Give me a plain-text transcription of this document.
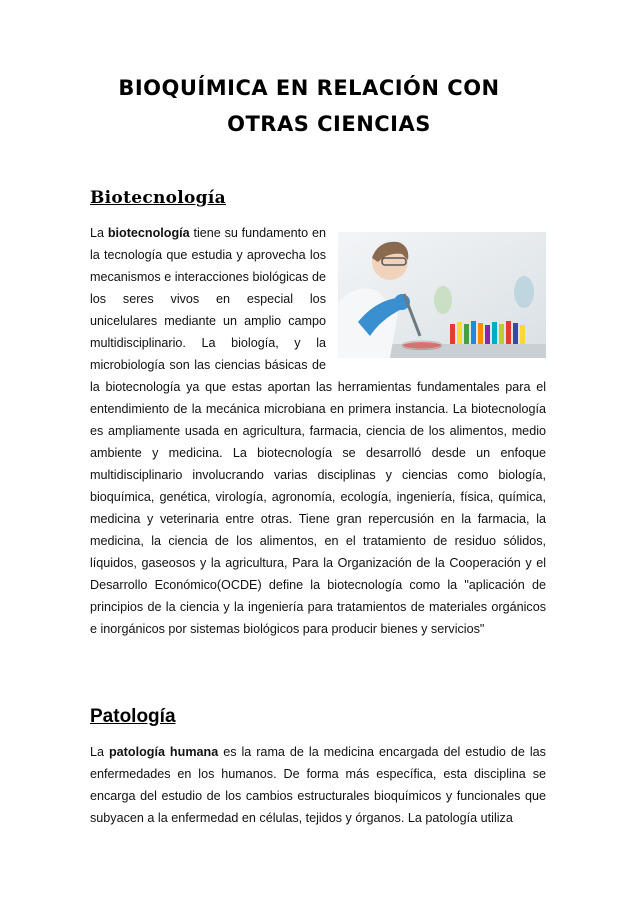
BIOQUÍMICA EN RELACIÓN CON
OTRAS CIENCIAS
Biotecnología

La biotecnología tiene su fundamento en la tecnología que estudia y aprovecha los mecanismos e interacciones biológicas de los seres vivos en especial los unicelulares mediante un amplio campo multidisciplinario. La biología, y la microbiología son las ciencias básicas de la biotecnología ya que estas aportan las herramientas fundamentales para el entendimiento de la mecánica microbiana en primera instancia. La biotecnología es ampliamente usada en agricultura, farmacia, ciencia de los alimentos, medio ambiente y medicina. La biotecnología se desarrolló desde un enfoque multidisciplinario involucrando varias disciplinas y ciencias como biología, bioquímica, genética, virología, agronomía, ecología, ingeniería, física, química, medicina y veterinaria entre otras. Tiene gran repercusión en la farmacia, la medicina, la ciencia de los alimentos, en el tratamiento de residuo sólidos, líquidos, gaseosos y la agricultura, Para la Organización de la Cooperación y el Desarrollo Económico(OCDE) define la biotecnología como la "aplicación de principios de la ciencia y la ingeniería para tratamientos de materiales orgánicos e inorgánicos por sistemas biológicos para producir bienes y servicios"

Patología

La patología humana es la rama de la medicina encargada del estudio de las enfermedades en los humanos. De forma más específica, esta disciplina se encarga del estudio de los cambios estructurales bioquímicos y funcionales que subyacen a la enfermedad en células, tejidos y órganos. La patología utiliza
